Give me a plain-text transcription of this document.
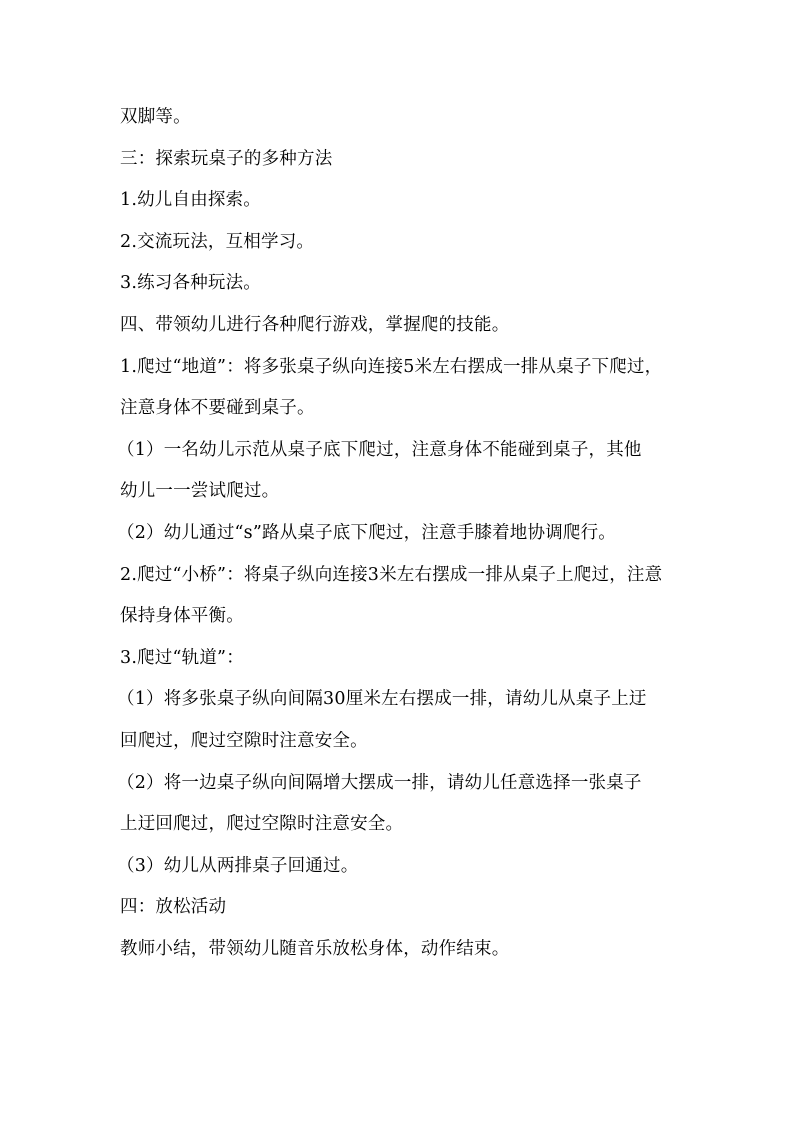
双脚等。
三：探索玩桌子的多种方法
1.幼儿自由探索。
2.交流玩法，互相学习。
3.练习各种玩法。
四、带领幼儿进行各种爬行游戏，掌握爬的技能。
1.爬过“地道”：将多张桌子纵向连接5米左右摆成一排从桌子下爬过，
注意身体不要碰到桌子。
（1）一名幼儿示范从桌子底下爬过，注意身体不能碰到桌子，其他
幼儿一一尝试爬过。
（2）幼儿通过“s”路从桌子底下爬过，注意手膝着地协调爬行。
2.爬过“小桥”：将桌子纵向连接3米左右摆成一排从桌子上爬过，注意
保持身体平衡。
3.爬过“轨道”：
（1）将多张桌子纵向间隔30厘米左右摆成一排，请幼儿从桌子上迂
回爬过，爬过空隙时注意安全。
（2）将一边桌子纵向间隔增大摆成一排，请幼儿任意选择一张桌子
上迂回爬过，爬过空隙时注意安全。
（3）幼儿从两排桌子回通过。
四：放松活动
教师小结，带领幼儿随音乐放松身体，动作结束。
